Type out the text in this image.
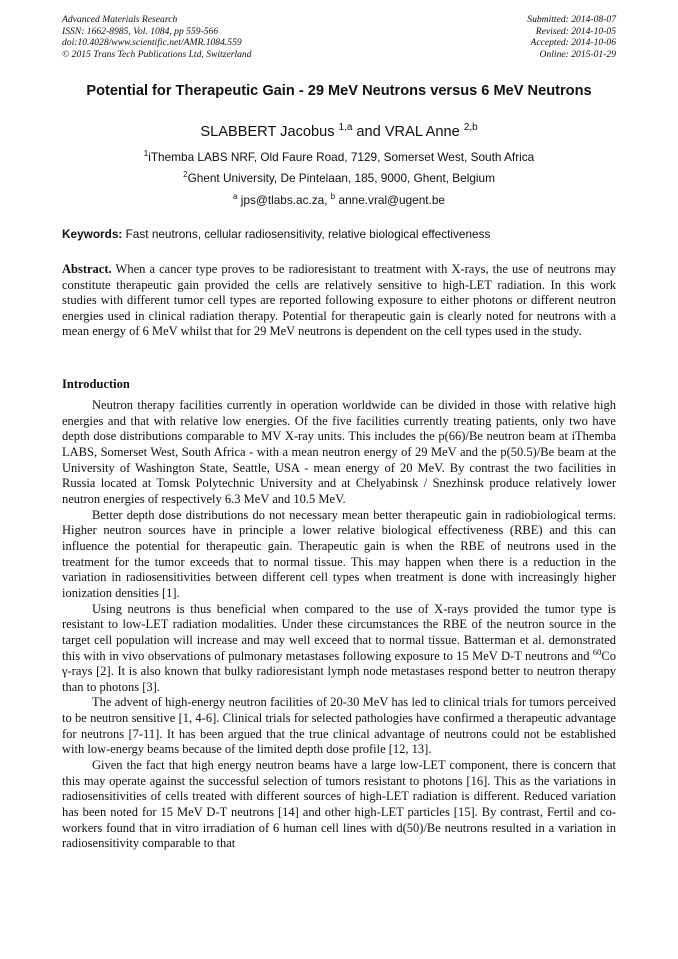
Advanced Materials Research
ISSN: 1662-8985, Vol. 1084, pp 559-566
doi:10.4028/www.scientific.net/AMR.1084.559
© 2015 Trans Tech Publications Ltd, Switzerland
Submitted: 2014-08-07
Revised: 2014-10-05
Accepted: 2014-10-06
Online: 2015-01-29
Potential for Therapeutic Gain - 29 MeV Neutrons versus 6 MeV Neutrons
SLABBERT Jacobus $^{1,a}$ and VRAL Anne $^{2,b}$
$^1$iThemba LABS NRF, Old Faure Road, 7129, Somerset West, South Africa
$^2$Ghent University, De Pintelaan, 185, 9000, Ghent, Belgium
$^a$ jps@tlabs.ac.za, $^b$ anne.vral@ugent.be
Keywords: Fast neutrons, cellular radiosensitivity, relative biological effectiveness
Abstract. When a cancer type proves to be radioresistant to treatment with X-rays, the use of neutrons may constitute therapeutic gain provided the cells are relatively sensitive to high-LET radiation. In this work studies with different tumor cell types are reported following exposure to either photons or different neutron energies used in clinical radiation therapy. Potential for therapeutic gain is clearly noted for neutrons with a mean energy of 6 MeV whilst that for 29 MeV neutrons is dependent on the cell types used in the study.
Introduction

Neutron therapy facilities currently in operation worldwide can be divided in those with relative high energies and that with relative low energies. Of the five facilities currently treating patients, only two have depth dose distributions comparable to MV X-ray units. This includes the p(66)/Be neutron beam at iThemba LABS, Somerset West, South Africa - with a mean neutron energy of 29 MeV and the p(50.5)/Be beam at the University of Washington State, Seattle, USA - mean energy of 20 MeV. By contrast the two facilities in Russia located at Tomsk Polytechnic University and at Chelyabinsk / Snezhinsk produce relatively lower neutron energies of respectively 6.3 MeV and 10.5 MeV.

Better depth dose distributions do not necessary mean better therapeutic gain in radiobiological terms. Higher neutron sources have in principle a lower relative biological effectiveness (RBE) and this can influence the potential for therapeutic gain. Therapeutic gain is when the RBE of neutrons used in the treatment for the tumor exceeds that to normal tissue. This may happen when there is a reduction in the variation in radiosensitivities between different cell types when treatment is done with increasingly higher ionization densities [1].

Using neutrons is thus beneficial when compared to the use of X-rays provided the tumor type is resistant to low-LET radiation modalities. Under these circumstances the RBE of the neutron source in the target cell population will increase and may well exceed that to normal tissue. Batterman et al. demonstrated this with in vivo observations of pulmonary metastases following exposure to 15 MeV D-T neutrons and $^{60}$Co γ-rays [2]. It is also known that bulky radioresistant lymph node metastases respond better to neutron therapy than to photons [3].

The advent of high-energy neutron facilities of 20-30 MeV has led to clinical trials for tumors perceived to be neutron sensitive [1, 4-6]. Clinical trials for selected pathologies have confirmed a therapeutic advantage for neutrons [7-11]. It has been argued that the true clinical advantage of neutrons could not be established with low-energy beams because of the limited depth dose profile [12, 13].

Given the fact that high energy neutron beams have a large low-LET component, there is concern that this may operate against the successful selection of tumors resistant to photons [16]. This as the variations in radiosensitivities of cells treated with different sources of high-LET radiation is different. Reduced variation has been noted for 15 MeV D-T neutrons [14] and other high-LET particles [15]. By contrast, Fertil and co-workers found that in vitro irradiation of 6 human cell lines with d(50)/Be neutrons resulted in a variation in radiosensitivity comparable to that
